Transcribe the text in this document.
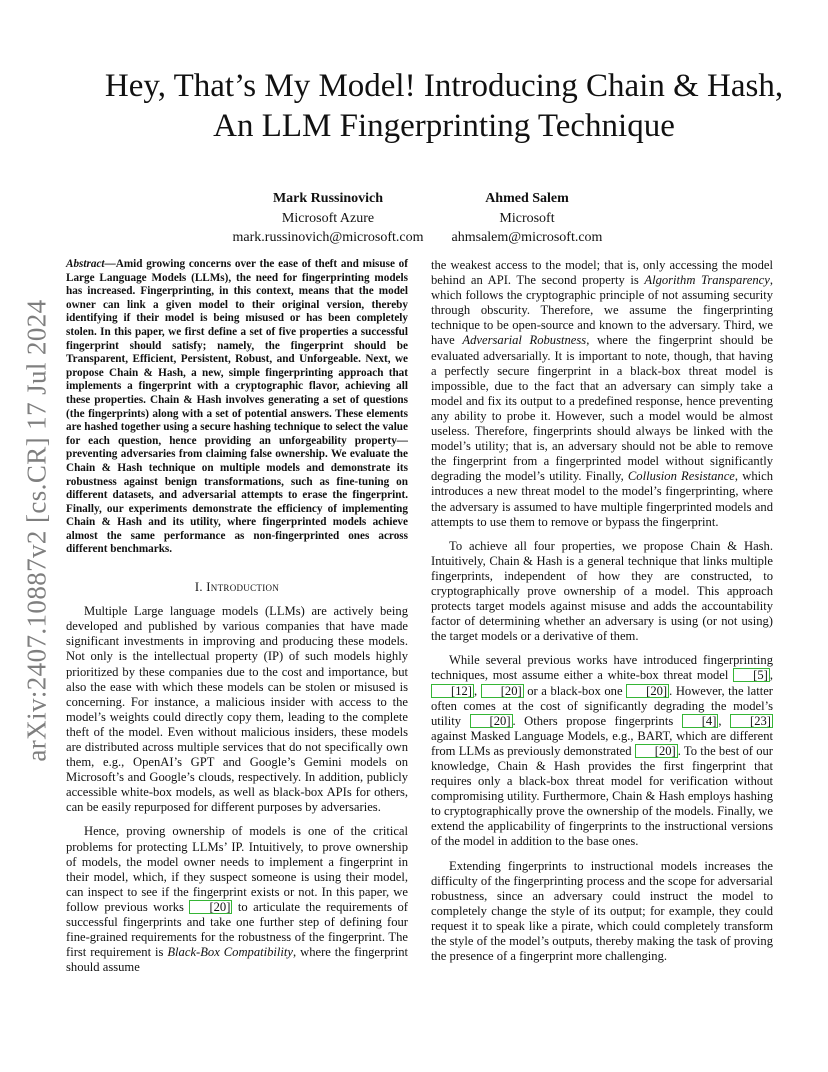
arXiv:2407.10887v2 [cs.CR] 17 Jul 2024
Hey, That’s My Model! Introducing Chain & Hash,
An LLM Fingerprinting Technique
Mark Russinovich
Microsoft Azure
mark.russinovich@microsoft.com
Ahmed Salem
Microsoft
ahmsalem@microsoft.com

Abstract—Amid growing concerns over the ease of theft and misuse of Large Language Models (LLMs), the need for fingerprinting models has increased. Fingerprinting, in this context, means that the model owner can link a given model to their original version, thereby identifying if their model is being misused or has been completely stolen. In this paper, we first define a set of five properties a successful fingerprint should satisfy; namely, the fingerprint should be Transparent, Efficient, Persistent, Robust, and Unforgeable. Next, we propose Chain & Hash, a new, simple fingerprinting approach that implements a fingerprint with a cryptographic flavor, achieving all these properties. Chain & Hash involves generating a set of questions (the fingerprints) along with a set of potential answers. These elements are hashed together using a secure hashing technique to select the value for each question, hence providing an unforgeability property—preventing adversaries from claiming false ownership. We evaluate the Chain & Hash technique on multiple models and demonstrate its robustness against benign transformations, such as fine-tuning on different datasets, and adversarial attempts to erase the fingerprint. Finally, our experiments demonstrate the efficiency of implementing Chain & Hash and its utility, where fingerprinted models achieve almost the same performance as non-fingerprinted ones across different benchmarks.

I. Introduction

Multiple Large language models (LLMs) are actively being developed and published by various companies that have made significant investments in improving and producing these models. Not only is the intellectual property (IP) of such models highly prioritized by these companies due to the cost and importance, but also the ease with which these models can be stolen or misused is concerning. For instance, a malicious insider with access to the model’s weights could directly copy them, leading to the complete theft of the model. Even without malicious insiders, these models are distributed across multiple services that do not specifically own them, e.g., OpenAI’s GPT and Google’s Gemini models on Microsoft’s and Google’s clouds, respectively. In addition, publicly accessible white-box models, as well as black-box APIs for others, can be easily repurposed for different purposes by adversaries.

Hence, proving ownership of models is one of the critical problems for protecting LLMs’ IP. Intuitively, to prove ownership of models, the model owner needs to implement a fingerprint in their model, which, if they suspect someone is using their model, can inspect to see if the fingerprint exists or not. In this paper, we follow previous works [20] to articulate the requirements of successful fingerprints and take one further step of defining four fine-grained requirements for the robustness of the fingerprint. The first requirement is Black-Box Compatibility, where the fingerprint should assume

the weakest access to the model; that is, only accessing the model behind an API. The second property is Algorithm Transparency, which follows the cryptographic principle of not assuming security through obscurity. Therefore, we assume the fingerprinting technique to be open-source and known to the adversary. Third, we have Adversarial Robustness, where the fingerprint should be evaluated adversarially. It is important to note, though, that having a perfectly secure fingerprint in a black-box threat model is impossible, due to the fact that an adversary can simply take a model and fix its output to a predefined response, hence preventing any ability to probe it. However, such a model would be almost useless. Therefore, fingerprints should always be linked with the model’s utility; that is, an adversary should not be able to remove the fingerprint from a fingerprinted model without significantly degrading the model’s utility. Finally, Collusion Resistance, which introduces a new threat model to the model’s fingerprinting, where the adversary is assumed to have multiple fingerprinted models and attempts to use them to remove or bypass the fingerprint.

To achieve all four properties, we propose Chain & Hash. Intuitively, Chain & Hash is a general technique that links multiple fingerprints, independent of how they are constructed, to cryptographically prove ownership of a model. This approach protects target models against misuse and adds the accountability factor of determining whether an adversary is using (or not using) the target models or a derivative of them.

While several previous works have introduced fingerprinting techniques, most assume either a white-box threat model [5] , [12] , [20] or a black-box one [20] . However, the latter often comes at the cost of significantly degrading the model’s utility [20] . Others propose fingerprints [4] , [23] against Masked Language Models, e.g., BART, which are different from LLMs as previously demonstrated [20] . To the best of our knowledge, Chain & Hash provides the first fingerprint that requires only a black-box threat model for verification without compromising utility. Furthermore, Chain & Hash employs hashing to cryptographically prove the ownership of the models. Finally, we extend the applicability of fingerprints to the instructional versions of the model in addition to the base ones.

Extending fingerprints to instructional models increases the difficulty of the fingerprinting process and the scope for adversarial robustness, since an adversary could instruct the model to completely change the style of its output; for example, they could request it to speak like a pirate, which could completely transform the style of the model’s outputs, thereby making the task of proving the presence of a fingerprint more challenging.
